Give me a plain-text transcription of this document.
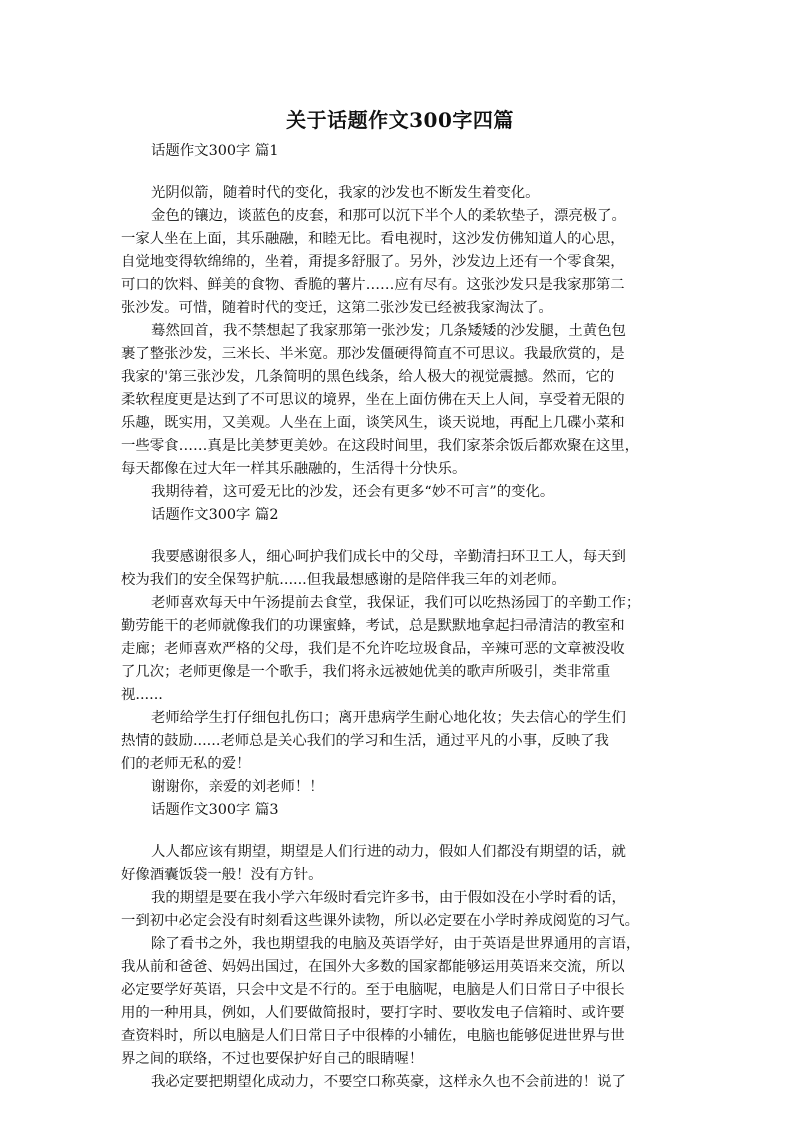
关于话题作文300字四篇
话题作文300字 篇1
光阴似箭，随着时代的变化，我家的沙发也不断发生着变化。
金色的镶边，谈蓝色的皮套，和那可以沉下半个人的柔软垫子，漂亮极了。
一家人坐在上面，其乐融融，和睦无比。看电视时，这沙发仿佛知道人的心思，
自觉地变得软绵绵的，坐着，甭提多舒服了。另外，沙发边上还有一个零食架，
可口的饮料、鲜美的食物、香脆的薯片……应有尽有。这张沙发只是我家那第二
张沙发。可惜，随着时代的变迁，这第二张沙发已经被我家淘汰了。
蓦然回首，我不禁想起了我家那第一张沙发；几条矮矮的沙发腿，土黄色包
裹了整张沙发，三米长、半米宽。那沙发僵硬得简直不可思议。我最欣赏的，是
我家的'第三张沙发，几条简明的黑色线条，给人极大的视觉震撼。然而，它的
柔软程度更是达到了不可思议的境界，坐在上面仿佛在天上人间，享受着无限的
乐趣，既实用，又美观。人坐在上面，谈笑风生，谈天说地，再配上几碟小菜和
一些零食……真是比美梦更美妙。在这段时间里，我们家茶余饭后都欢聚在这里，
每天都像在过大年一样其乐融融的，生活得十分快乐。
我期待着，这可爱无比的沙发，还会有更多“妙不可言”的变化。
话题作文300字 篇2
我要感谢很多人，细心呵护我们成长中的父母，辛勤清扫环卫工人，每天到
校为我们的安全保驾护航......但我最想感谢的是陪伴我三年的刘老师。
老师喜欢每天中午汤提前去食堂，我保证，我们可以吃热汤园丁的辛勤工作；
勤劳能干的老师就像我们的功课蜜蜂，考试，总是默默地拿起扫帚清洁的教室和
走廊；老师喜欢严格的父母，我们是不允许吃垃圾食品，辛辣可恶的文章被没收
了几次；老师更像是一个歌手，我们将永远被她优美的歌声所吸引，类非常重
视......
老师给学生打仔细包扎伤口；离开患病学生耐心地化妆；失去信心的学生们
热情的鼓励......老师总是关心我们的学习和生活，通过平凡的小事，反映了我
们的老师无私的爱！
谢谢你，亲爱的刘老师！！
话题作文300字 篇3
人人都应该有期望，期望是人们行进的动力，假如人们都没有期望的话，就
好像酒囊饭袋一般！没有方针。
我的期望是要在我小学六年级时看完许多书，由于假如没在小学时看的话，
一到初中必定会没有时刻看这些课外读物，所以必定要在小学时养成阅览的习气。
除了看书之外，我也期望我的电脑及英语学好，由于英语是世界通用的言语，
我从前和爸爸、妈妈出国过，在国外大多数的国家都能够运用英语来交流，所以
必定要学好英语，只会中文是不行的。至于电脑呢，电脑是人们日常日子中很长
用的一种用具，例如，人们要做简报时，要打字时、要收发电子信箱时、或许要
查资料时，所以电脑是人们日常日子中很棒的小辅佐，电脑也能够促进世界与世
界之间的联络，不过也要保护好自己的眼睛喔！
我必定要把期望化成动力，不要空口称英豪，这样永久也不会前进的！说了
